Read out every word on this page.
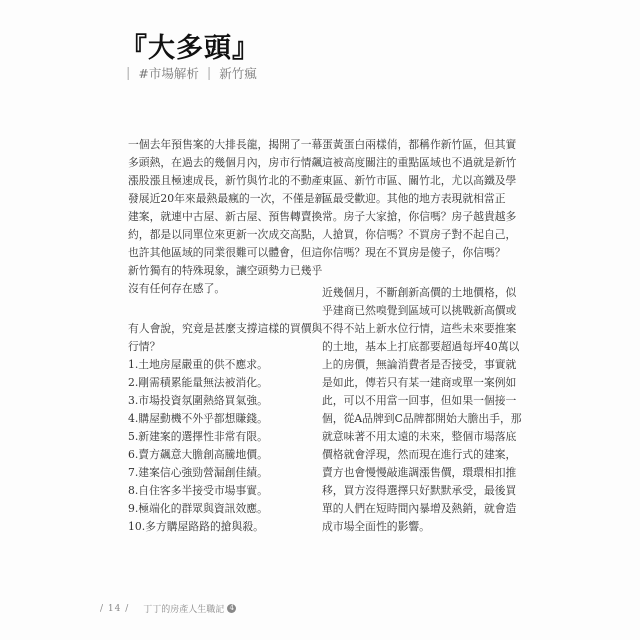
『大多頭』
| #市場解析 | 新竹瘋

一個去年預售案的大排長龍，揭開了一幕多頭熱，在過去的幾個月內，房市行情飆漲股漲且極速成長，新竹與竹北的不動產發展近20年來最熱最瘋的一次，不僅是新建案，就連中古屋、新古屋、預售轉賣換約，都是以同單位來更新一次成交高點，也許其他區域的同業很難可以體會，但這新竹獨有的特殊現象，讓空頭勢力已幾乎沒有任何存在感了。

有人會說，究竟是甚麼支撐這樣的買價與行情？

1.土地房屋嚴重的供不應求。
2.剛需積累能量無法被消化。
3.市場投資氛圍熱絡買氣強。
4.購屋動機不外乎都想賺錢。
5.新建案的選擇性非常有限。
6.賣方飆意大膽創高騰地價。
7.建案信心強勁營漏創佳績。
8.自住客多半接受市場事實。
9.極端化的群眾與資訊效應。
10.多方購屋路路的搶與殺。

蛋黃蛋白兩樣俏，都稱作新竹區，但其實這被高度關注的重點區域也不過就是新竹東區、新竹市區、關竹北，尤以高鐵及學區最受歡迎。其他的地方表現就相當正常。房子大家搶，你信嗎？房子越貴越多人搶買，你信嗎？不買房子對不起自己，你信嗎？現在不買房是傻子，你信嗎？

近幾個月，不斷創新高價的土地價格，似乎建商已然嗅覺到區域可以挑戰新高價或不得不站上新水位行情，這些未來要推案的土地，基本上打底都要超過每坪40萬以上的房價，無論消費者是否接受，事實就是如此，傳若只有某一建商或單一案例如此，可以不用當一回事，但如果一個接一個，從A品牌到C品牌都開始大膽出手，那就意味著不用太遠的未來，整個市場落底價格就會浮現，然而現在進行式的建案，賣方也會慢慢敲進調漲售價，環環相扣推移，買方沒得選擇只好默默承受，最後買單的人們在短時間內暴增及熱銷，就會造成市場全面性的影響。

/ 14 / 丁丁的房產人生職記 4
